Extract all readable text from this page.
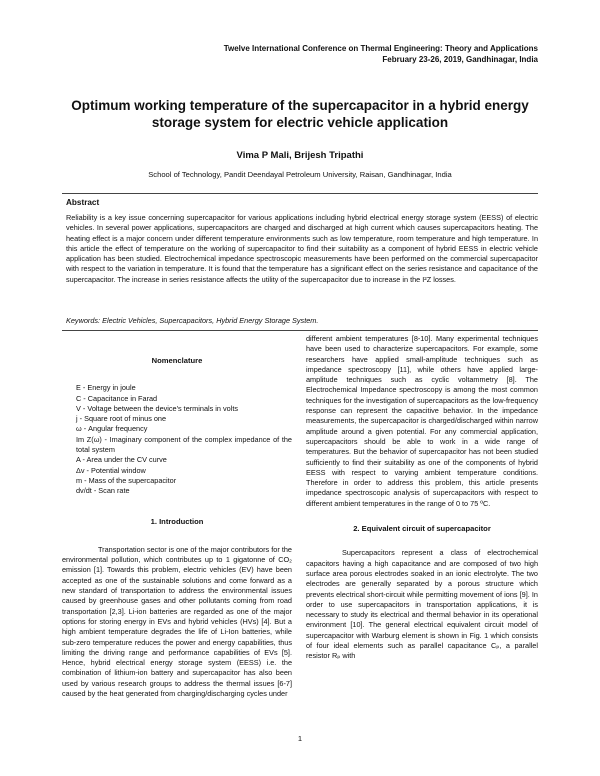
Twelve International Conference on Thermal Engineering: Theory and Applications
February 23-26, 2019, Gandhinagar, India
Optimum working temperature of the supercapacitor in a hybrid energy storage system for electric vehicle application
Vima P Mali, Brijesh Tripathi
School of Technology, Pandit Deendayal Petroleum University, Raisan, Gandhinagar, India
Abstract
Reliability is a key issue concerning supercapacitor for various applications including hybrid electrical energy storage system (EESS) of electric vehicles. In several power applications, supercapacitors are charged and discharged at high current which causes supercapacitors heating. The heating effect is a major concern under different temperature environments such as low temperature, room temperature and high temperature. In this article the effect of temperature on the working of supercapacitor to find their suitability as a component of hybrid EESS in electric vehicle application has been studied. Electrochemical impedance spectroscopic measurements have been performed on the commercial supercapacitor with respect to the variation in temperature. It is found that the temperature has a significant effect on the series resistance and capacitance of the supercapacitor. The increase in series resistance affects the utility of the supercapacitor due to increase in the I²Z losses.
Keywords: Electric Vehicles, Supercapacitors, Hybrid Energy Storage System.
Nomenclature
E - Energy in joule
C - Capacitance in Farad
V - Voltage between the device's terminals in volts
j - Square root of minus one
ω - Angular frequency
Im Z(ω) - Imaginary component of the complex impedance of the total system
A - Area under the CV curve
Δv - Potential window
m - Mass of the supercapacitor
dv/dt - Scan rate
1. Introduction

Transportation sector is one of the major contributors for the environmental pollution, which contributes up to 1 gigatonne of CO₂ emission [1]. Towards this problem, electric vehicles (EV) have been accepted as one of the sustainable solutions and come forward as a new standard of transportation to address the environmental issues caused by greenhouse gases and other pollutants coming from road transportation [2,3]. Li-ion batteries are regarded as one of the major options for storing energy in EVs and hybrid vehicles (HVs) [4]. But a high ambient temperature degrades the life of Li-Ion batteries, while sub-zero temperature reduces the power and energy capabilities, thus limiting the driving range and performance capabilities of EVs [5]. Hence, hybrid electrical energy storage system (EESS) i.e. the combination of lithium-ion battery and supercapacitor has also been used by various research groups to address the thermal issues [6-7] caused by the heat generated from charging/discharging cycles under

different ambient temperatures [8-10]. Many experimental techniques have been used to characterize supercapacitors. For example, some researchers have applied small-amplitude techniques such as impedance spectroscopy [11], while others have applied large-amplitude techniques such as cyclic voltammetry [8]. The Electrochemical Impedance spectroscopy is among the most common techniques for the investigation of supercapacitors as the low-frequency response can represent the capacitive behavior. In the impedance measurements, the supercapacitor is charged/discharged within narrow amplitude around a given potential. For any commercial application, supercapacitors should be able to work in a wide range of temperatures. But the behavior of supercapacitor has not been studied sufficiently to find their suitability as one of the components of hybrid EESS with respect to varying ambient temperature conditions. Therefore in order to address this problem, this article presents impedance spectroscopic analysis of supercapacitors with respect to different ambient temperatures in the range of 0 to 75 ºC.

2. Equivalent circuit of supercapacitor

Supercapacitors represent a class of electrochemical capacitors having a high capacitance and are composed of two high surface area porous electrodes soaked in an ionic electrolyte. The two electrodes are generally separated by a porous structure which prevents electrical short-circuit while permitting movement of ions [9]. In order to use supercapacitors in transportation applications, it is necessary to study its electrical and thermal behavior in its operational environment [10]. The general electrical equivalent circuit model of supercapacitor with Warburg element is shown in Fig. 1 which consists of four ideal elements such as parallel capacitance Cₚ, a parallel resistor Rₚ with

1
